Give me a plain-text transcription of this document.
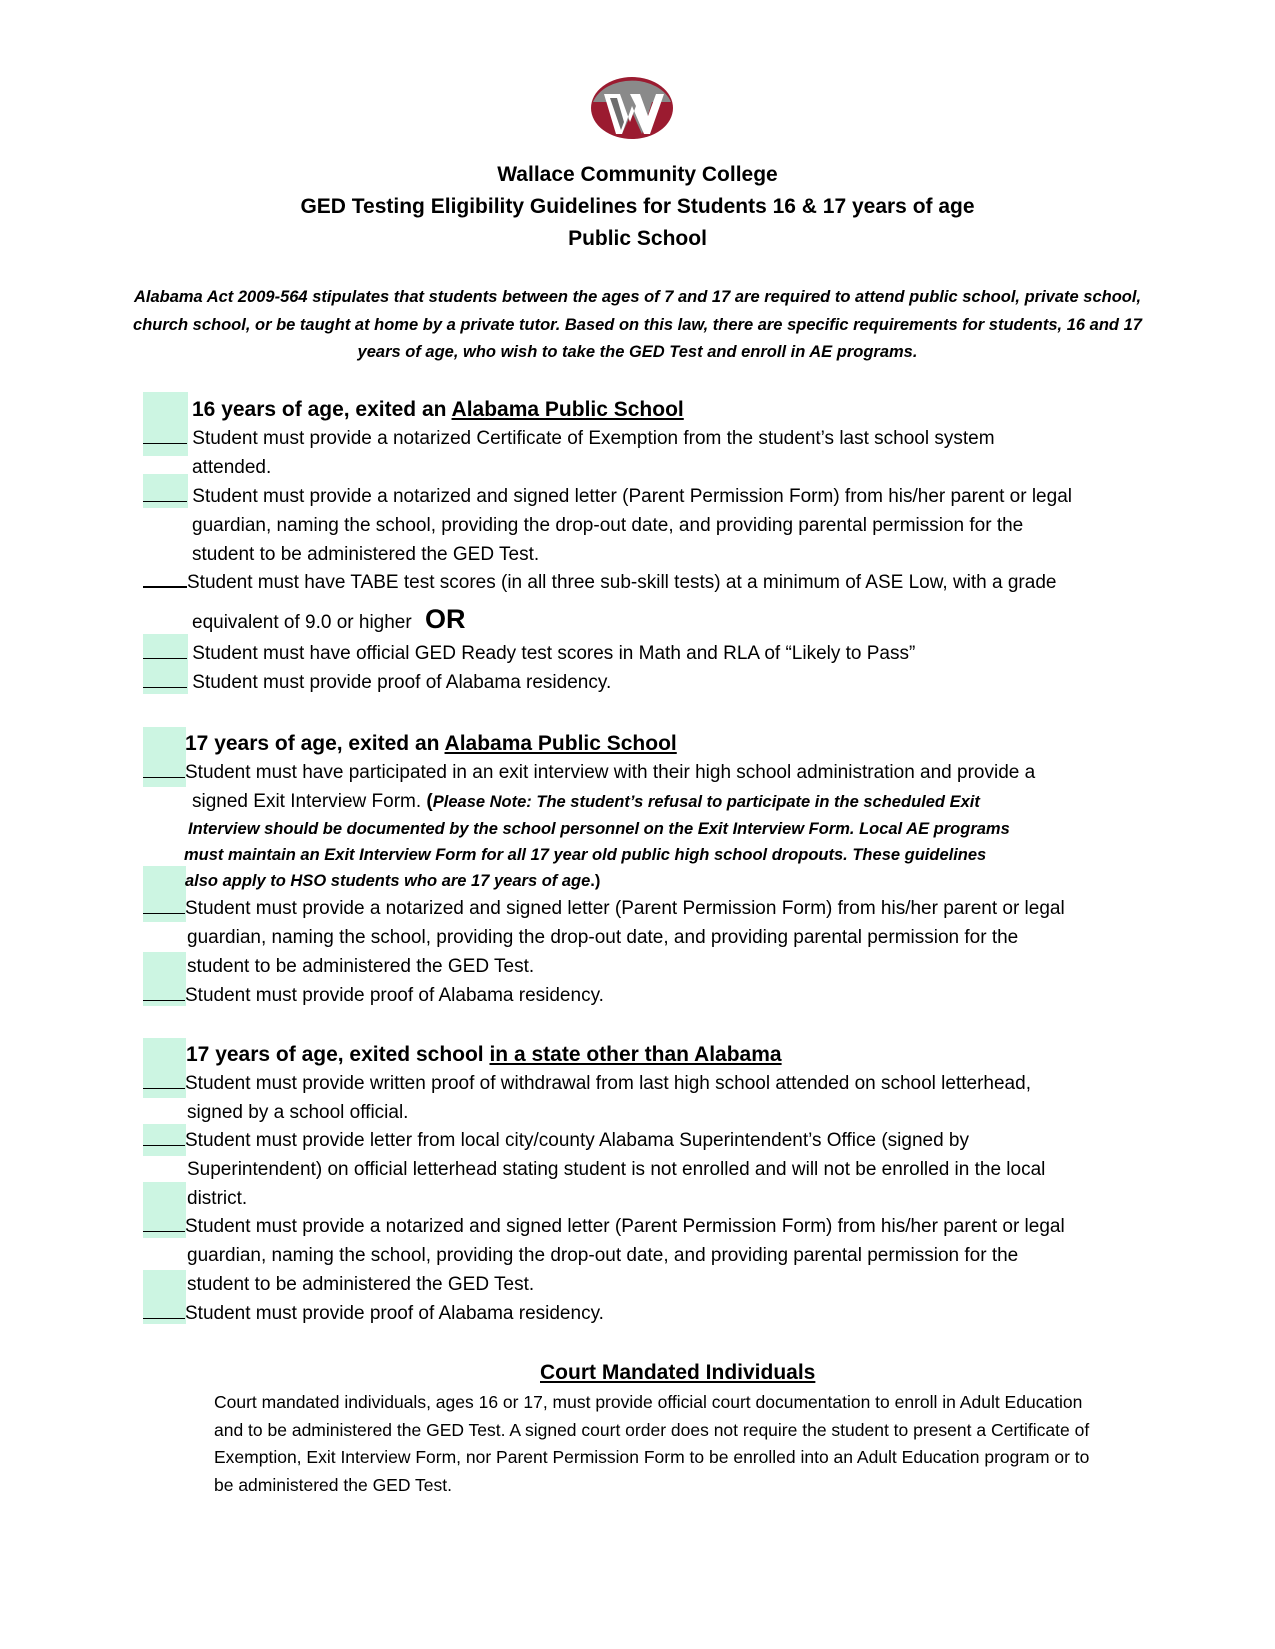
Wallace Community College
GED Testing Eligibility Guidelines for Students 16 & 17 years of age
Public School
Alabama Act 2009-564 stipulates that students between the ages of 7 and 17 are required to attend public school, private school,
church school, or be taught at home by a private tutor. Based on this law, there are specific requirements for students, 16 and 17
years of age, who wish to take the GED Test and enroll in AE programs.
16 years of age, exited an Alabama Public School
Student must provide a notarized Certificate of Exemption from the student’s last school system
attended.
Student must provide a notarized and signed letter (Parent Permission Form) from his/her parent or legal
guardian, naming the school, providing the drop-out date, and providing parental permission for the
student to be administered the GED Test.
Student must have TABE test scores (in all three sub-skill tests) at a minimum of ASE Low, with a grade
equivalent of 9.0 or higher OR
Student must have official GED Ready test scores in Math and RLA of “Likely to Pass”
Student must provide proof of Alabama residency.
17 years of age, exited an Alabama Public School
Student must have participated in an exit interview with their high school administration and provide a
signed Exit Interview Form. (Please Note: The student’s refusal to participate in the scheduled Exit
Interview should be documented by the school personnel on the Exit Interview Form. Local AE programs
must maintain an Exit Interview Form for all 17 year old public high school dropouts. These guidelines
also apply to HSO students who are 17 years of age.)
Student must provide a notarized and signed letter (Parent Permission Form) from his/her parent or legal
guardian, naming the school, providing the drop-out date, and providing parental permission for the
student to be administered the GED Test.
Student must provide proof of Alabama residency.
17 years of age, exited school in a state other than Alabama
Student must provide written proof of withdrawal from last high school attended on school letterhead,
signed by a school official.
Student must provide letter from local city/county Alabama Superintendent’s Office (signed by
Superintendent) on official letterhead stating student is not enrolled and will not be enrolled in the local
district.
Student must provide a notarized and signed letter (Parent Permission Form) from his/her parent or legal
guardian, naming the school, providing the drop-out date, and providing parental permission for the
student to be administered the GED Test.
Student must provide proof of Alabama residency.
Court Mandated Individuals
Court mandated individuals, ages 16 or 17, must provide official court documentation to enroll in Adult Education
and to be administered the GED Test. A signed court order does not require the student to present a Certificate of
Exemption, Exit Interview Form, nor Parent Permission Form to be enrolled into an Adult Education program or to
be administered the GED Test.
